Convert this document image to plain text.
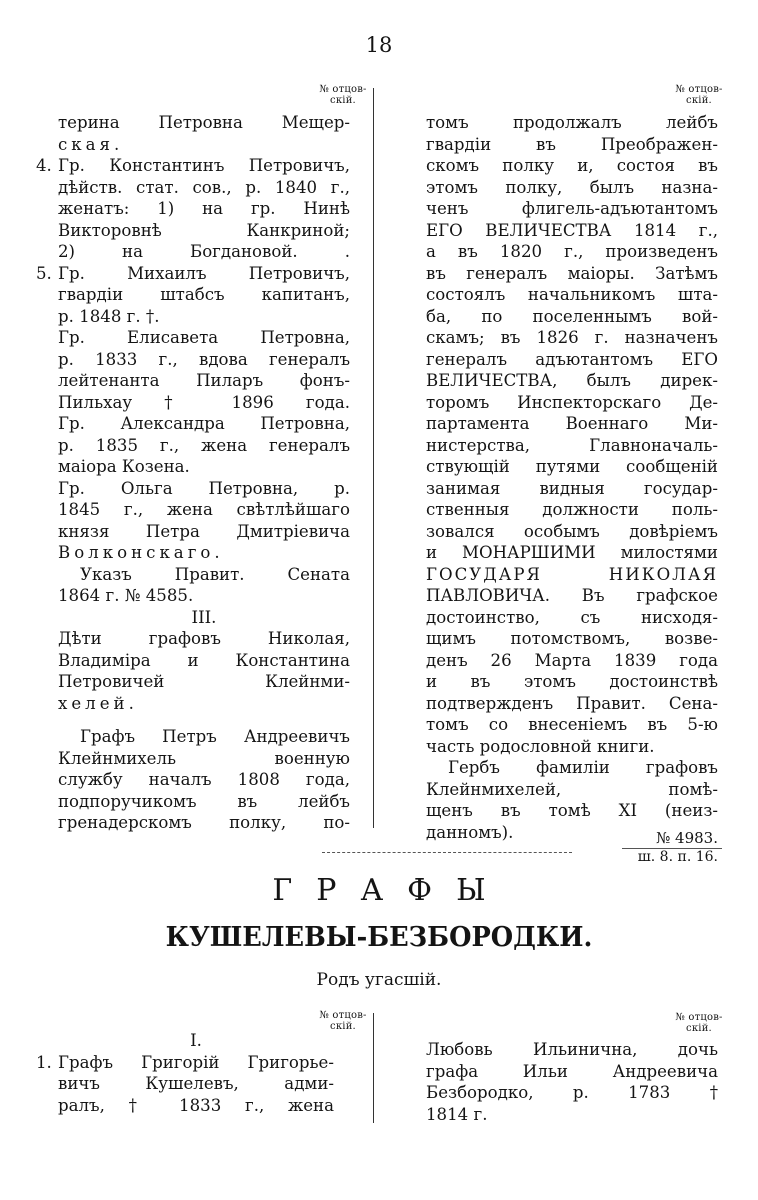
18
№ отцов-
скій.
№ отцов-
скій.

терина Петровна Мещер-

ская.

4. Гр. Константинъ Петровичъ,

дѣйств. стат. сов., р. 1840 г.,

женатъ: 1) на гр. Нинѣ

Викторовнѣ Канкриной;

2) на Богдановой. .

5. Гр. Михаилъ Петровичъ,

гвардіи штабсъ капитанъ,

р. 1848 г. †.

Гр. Елисавета Петровна,

р. 1833 г., вдова генералъ

лейтенанта Пиларъ фонъ-

Пильхау † 1896 года.

Гр. Александра Петровна,

р. 1835 г., жена генералъ

маіора Козена.

Гр. Ольга Петровна, р.

1845 г., жена свѣтлѣйшаго

князя Петра Дмитріевича

Волконскаго.

Указъ Правит. Сената

1864 г. № 4585.

III.

Дѣти графовъ Николая,

Владиміра и Константина

Петровичей Клейнми-

хелей.

Графъ Петръ Андреевичъ

Клейнмихель военную

службу началъ 1808 года,

подпоручикомъ въ лейбъ

гренадерскомъ полку, по-

томъ продолжалъ лейбъ

гвардіи въ Преображен-

скомъ полку и, состоя въ

этомъ полку, былъ назна-

ченъ флигель-адъютантомъ

ЕГО ВЕЛИЧЕСТВА 1814 г.,

а въ 1820 г., произведенъ

въ генералъ маіоры. Затѣмъ

состоялъ начальникомъ шта-

ба, по поселеннымъ вой-

скамъ; въ 1826 г. назначенъ

генералъ адъютантомъ ЕГО

ВЕЛИЧЕСТВА, былъ дирек-

торомъ Инспекторскаго Де-

партамента Военнаго Ми-

нистерства, Главноначаль-

ствующій путями сообщеній

занимая видныя государ-

ственныя должности поль-

зовался особымъ довѣріемъ

и МОНАРШИМИ милостями

ГОСУДАРЯ НИКОЛАЯ

ПАВЛОВИЧА. Въ графское

достоинство, съ нисходя-

щимъ потомствомъ, возве-

денъ 26 Марта 1839 года

и въ этомъ достоинствѣ

подтвержденъ Правит. Сена-

томъ со внесеніемъ въ 5-ю

часть родословной книги.

Гербъ фамиліи графовъ

Клейнмихелей, помѣ-

щенъ въ томѣ XI (неиз-

данномъ).	№ 4983.
ш. 8. п. 16.
ГРАФЫ
КУШЕЛЕВЫ-БЕЗБОРОДКИ.
Родъ угасшій.
№ отцов-
скій.
№ отцов-
скій.

I.

1. Графъ Григорій Григорье-

вичъ Кушелевъ, адми-

ралъ, † 1833 г., жена

Любовь Ильинична, дочь

графа Ильи Андреевича

Безбородко, р. 1783 †

1814 г.
